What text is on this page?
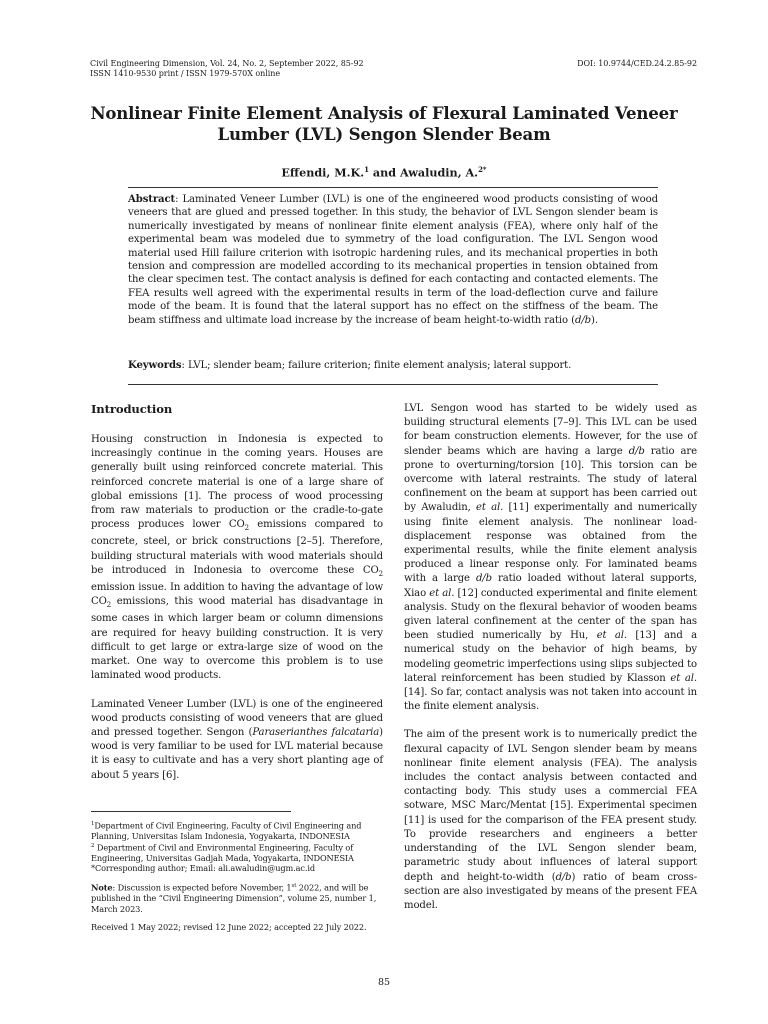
Civil Engineering Dimension, Vol. 24, No. 2, September 2022, 85-92
ISSN 1410-9530 print / ISSN 1979-570X online
DOI: 10.9744/CED.24.2.85-92
Nonlinear Finite Element Analysis of Flexural Laminated Veneer Lumber (LVL) Sengon Slender Beam
Effendi, M.K.$^1$ and Awaludin, A.$^{2*}$
Abstract: Laminated Veneer Lumber (LVL) is one of the engineered wood products consisting of wood veneers that are glued and pressed together. In this study, the behavior of LVL Sengon slender beam is numerically investigated by means of nonlinear finite element analysis (FEA), where only half of the experimental beam was modeled due to symmetry of the load configuration. The LVL Sengon wood material used Hill failure criterion with isotropic hardening rules, and its mechanical properties in both tension and compression are modelled according to its mechanical properties in tension obtained from the clear specimen test. The contact analysis is defined for each contacting and contacted elements. The FEA results well agreed with the experimental results in term of the load-deflection curve and failure mode of the beam. It is found that the lateral support has no effect on the stiffness of the beam. The beam stiffness and ultimate load increase by the increase of beam height-to-width ratio (d/b).
Keywords: LVL; slender beam; failure criterion; finite element analysis; lateral support.

Introduction

Housing construction in Indonesia is expected to increasingly continue in the coming years. Houses are generally built using reinforced concrete material. This reinforced concrete material is one of a large share of global emissions [1]. The process of wood processing from raw materials to production or the cradle-to-gate process produces lower $CO_2$ emissions compared to concrete, steel, or brick constructions [2–5]. Therefore, building structural materials with wood materials should be introduced in Indonesia to overcome these $CO_2$ emission issue. In addition to having the advantage of low $CO_2$ emissions, this wood material has disadvantage in some cases in which larger beam or column dimensions are required for heavy building construction. It is very difficult to get large or extra-large size of wood on the market. One way to overcome this problem is to use laminated wood products.

Laminated Veneer Lumber (LVL) is one of the engineered wood products consisting of wood veneers that are glued and pressed together. Sengon (Paraserianthes falcataria) wood is very familiar to be used for LVL material because it is easy to cultivate and has a very short planting age of about 5 years [6].

$^1$Department of Civil Engineering, Faculty of Civil Engineering and Planning, Universitas Islam Indonesia, Yogyakarta, INDONESIA

$^2$ Department of Civil and Environmental Engineering, Faculty of Engineering, Universitas Gadjah Mada, Yogyakarta, INDONESIA

*Corresponding author; Email: ali.awaludin@ugm.ac.id

Note: Discussion is expected before November, 1st 2022, and will be published in the “Civil Engineering Dimension”, volume 25, number 1, March 2023.

Received 1 May 2022; revised 12 June 2022; accepted 22 July 2022.

LVL Sengon wood has started to be widely used as building structural elements [7–9]. This LVL can be used for beam construction elements. However, for the use of slender beams which are having a large d/b ratio are prone to overturning/torsion [10]. This torsion can be overcome with lateral restraints. The study of lateral confinement on the beam at support has been carried out by Awaludin, et al. [11] experimentally and numerically using finite element analysis. The nonlinear load-displacement response was obtained from the experimental results, while the finite element analysis produced a linear response only. For laminated beams with a large d/b ratio loaded without lateral supports, Xiao et al. [12] conducted experimental and finite element analysis. Study on the flexural behavior of wooden beams given lateral confinement at the center of the span has been studied numerically by Hu, et al. [13] and a numerical study on the behavior of high beams, by modeling geometric imperfections using slips subjected to lateral reinforcement has been studied by Klasson et al. [14]. So far, contact analysis was not taken into account in the finite element analysis.

The aim of the present work is to numerically predict the flexural capacity of LVL Sengon slender beam by means nonlinear finite element analysis (FEA). The analysis includes the contact analysis between contacted and contacting body. This study uses a commercial FEA sotware, MSC Marc/Mentat [15]. Experimental specimen [11] is used for the comparison of the FEA present study. To provide researchers and engineers a better understanding of the LVL Sengon slender beam, parametric study about influences of lateral support depth and height-to-width (d/b) ratio of beam cross-section are also investigated by means of the present FEA model.

85
